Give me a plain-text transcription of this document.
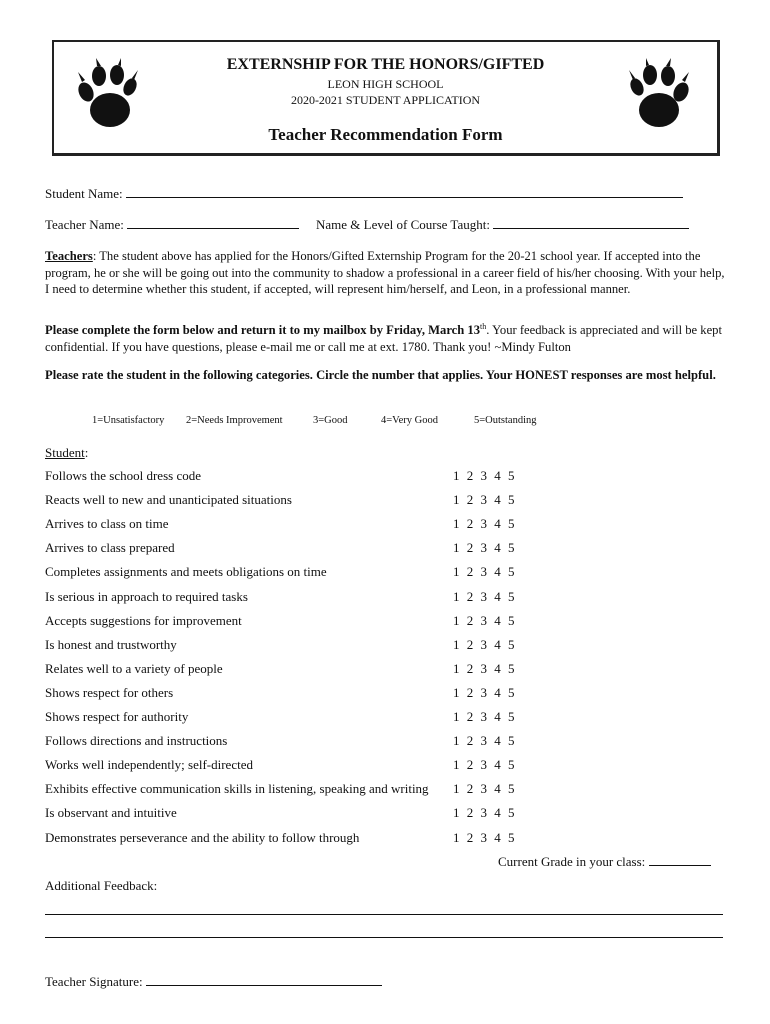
EXTERNSHIP FOR THE HONORS/GIFTED
LEON HIGH SCHOOL
2020-2021 STUDENT APPLICATION
Teacher Recommendation Form
Student Name:
Teacher Name:	Name & Level of Course Taught:
Teachers: The student above has applied for the Honors/Gifted Externship Program for the 20-21 school year. If accepted into the program, he or she will be going out into the community to shadow a professional in a career field of his/her choosing. With your help, I need to determine whether this student, if accepted, will represent him/herself, and Leon, in a professional manner.
Please complete the form below and return it to my mailbox by Friday, March 13th. Your feedback is appreciated and will be kept confidential. If you have questions, please e-mail me or call me at ext. 1780. Thank you! ~Mindy Fulton
Please rate the student in the following categories. Circle the number that applies. Your HONEST responses are most helpful.
1=Unsatisfactory 2=Needs Improvement	3=Good	4=Very Good	5=Outstanding
Student:
Follows the school dress code	1 2 3 4 5
Reacts well to new and unanticipated situations	1 2 3 4 5
Arrives to class on time	1 2 3 4 5
Arrives to class prepared	1 2 3 4 5
Completes assignments and meets obligations on time	1 2 3 4 5
Is serious in approach to required tasks	1 2 3 4 5
Accepts suggestions for improvement	1 2 3 4 5
Is honest and trustworthy	1 2 3 4 5
Relates well to a variety of people	1 2 3 4 5
Shows respect for others	1 2 3 4 5
Shows respect for authority	1 2 3 4 5
Follows directions and instructions	1 2 3 4 5
Works well independently; self-directed	1 2 3 4 5
Exhibits effective communication skills in listening, speaking and writing 1 2 3 4 5
Is observant and intuitive	1 2 3 4 5
Demonstrates perseverance and the ability to follow through	1 2 3 4 5
Current Grade in your class:
Additional Feedback:
Teacher Signature:
